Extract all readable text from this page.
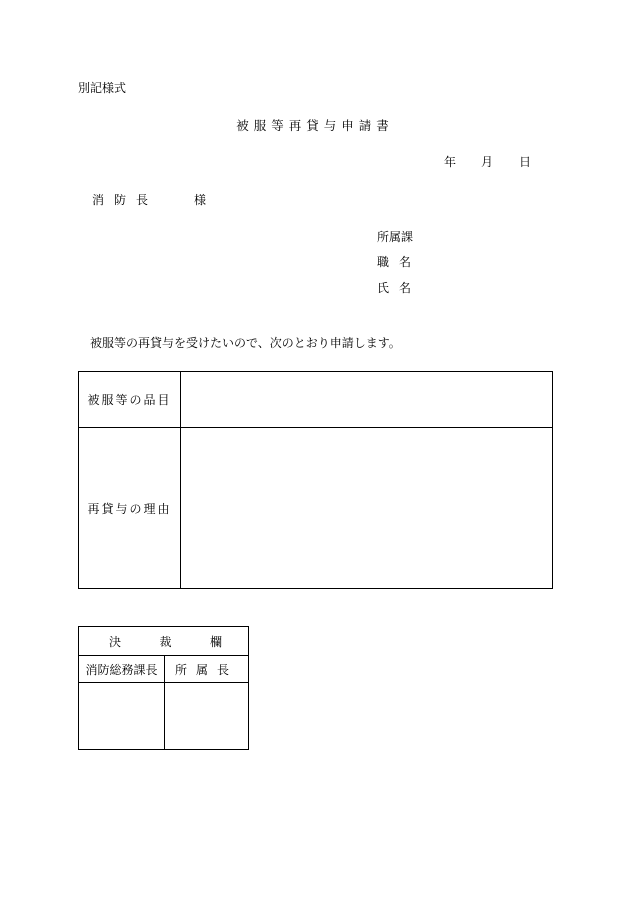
別記様式
被服等再貸与申請書
年 月 日
消防長	様
所属課
職名
氏名
被服等の再貸与を受けたいので、次のとおり申請します。
被服等の品目	
再貸与の理由	
決 裁 欄	

消防総務課長	所属長
